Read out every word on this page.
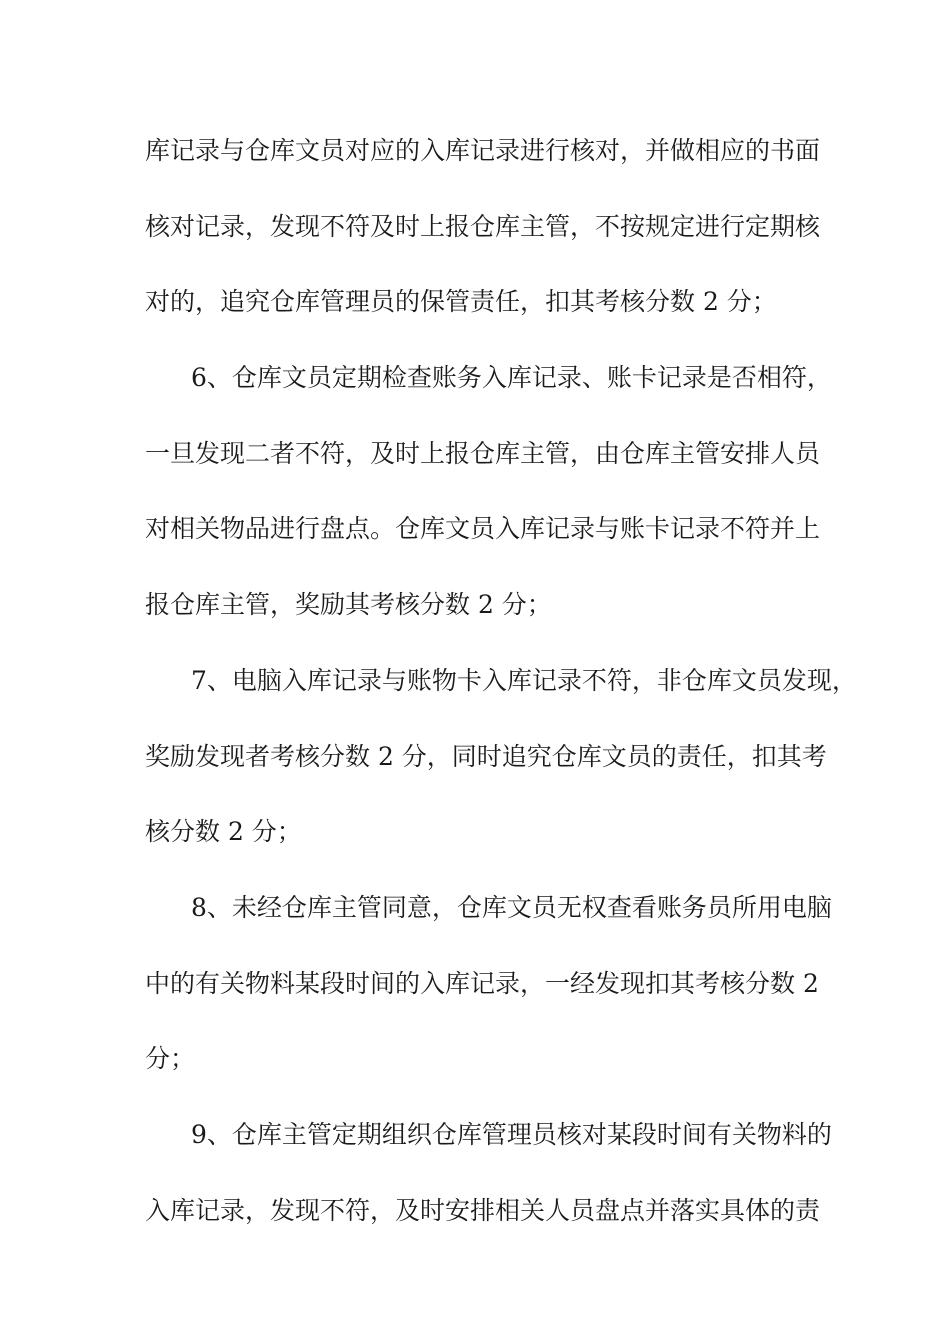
库记录与仓库文员对应的入库记录进行核对，并做相应的书面
核对记录，发现不符及时上报仓库主管，不按规定进行定期核
对的，追究仓库管理员的保管责任，扣其考核分数 2 分；
6、仓库文员定期检查账务入库记录、账卡记录是否相符，
一旦发现二者不符，及时上报仓库主管，由仓库主管安排人员
对相关物品进行盘点。仓库文员入库记录与账卡记录不符并上
报仓库主管，奖励其考核分数 2 分；
7、电脑入库记录与账物卡入库记录不符，非仓库文员发现，
奖励发现者考核分数 2 分，同时追究仓库文员的责任，扣其考
核分数 2 分；
8、未经仓库主管同意，仓库文员无权查看账务员所用电脑
中的有关物料某段时间的入库记录，一经发现扣其考核分数 2
分；
9、仓库主管定期组织仓库管理员核对某段时间有关物料的
入库记录，发现不符，及时安排相关人员盘点并落实具体的责
